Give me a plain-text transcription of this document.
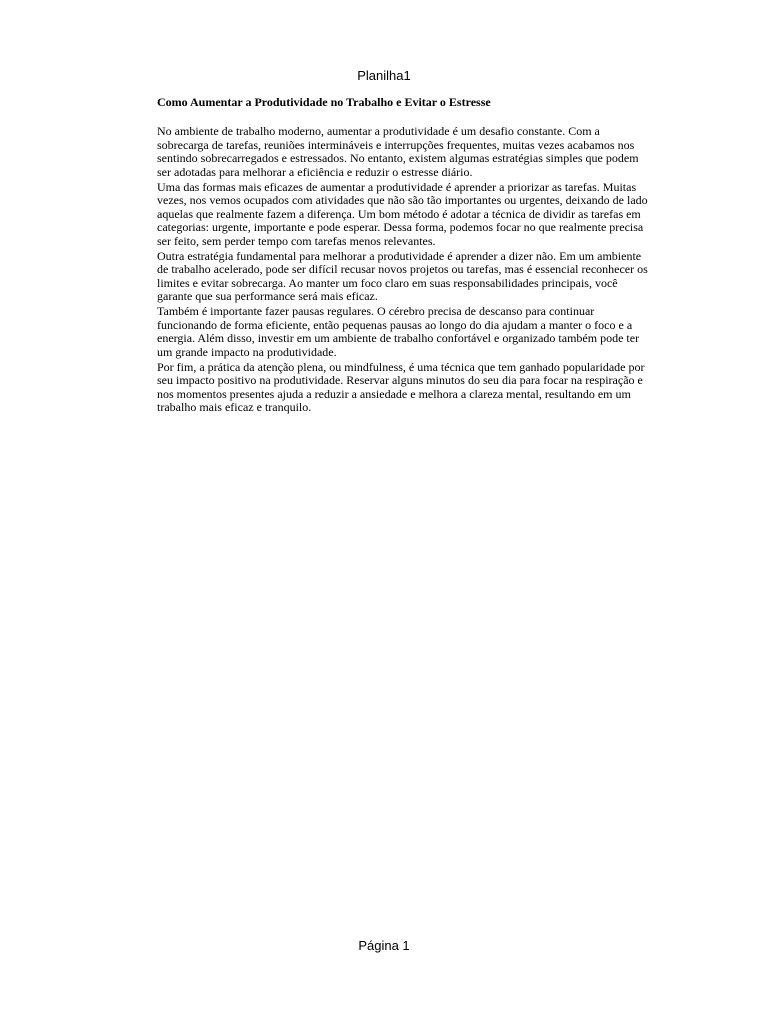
Planilha1
Como Aumentar a Produtividade no Trabalho e Evitar o Estresse

No ambiente de trabalho moderno, aumentar a produtividade é um desafio constante. Com a sobrecarga de tarefas, reuniões intermináveis e interrupções frequentes, muitas vezes acabamos nos sentindo sobrecarregados e estressados. No entanto, existem algumas estratégias simples que podem ser adotadas para melhorar a eficiência e reduzir o estresse diário.

Uma das formas mais eficazes de aumentar a produtividade é aprender a priorizar as tarefas. Muitas vezes, nos vemos ocupados com atividades que não são tão importantes ou urgentes, deixando de lado aquelas que realmente fazem a diferença. Um bom método é adotar a técnica de dividir as tarefas em categorias: urgente, importante e pode esperar. Dessa forma, podemos focar no que realmente precisa ser feito, sem perder tempo com tarefas menos relevantes.

Outra estratégia fundamental para melhorar a produtividade é aprender a dizer não. Em um ambiente de trabalho acelerado, pode ser difícil recusar novos projetos ou tarefas, mas é essencial reconhecer os limites e evitar sobrecarga. Ao manter um foco claro em suas responsabilidades principais, você garante que sua performance será mais eficaz.

Também é importante fazer pausas regulares. O cérebro precisa de descanso para continuar funcionando de forma eficiente, então pequenas pausas ao longo do dia ajudam a manter o foco e a energia. Além disso, investir em um ambiente de trabalho confortável e organizado também pode ter um grande impacto na produtividade.

Por fim, a prática da atenção plena, ou mindfulness, é uma técnica que tem ganhado popularidade por seu impacto positivo na produtividade. Reservar alguns minutos do seu dia para focar na respiração e nos momentos presentes ajuda a reduzir a ansiedade e melhora a clareza mental, resultando em um trabalho mais eficaz e tranquilo.

Página 1
